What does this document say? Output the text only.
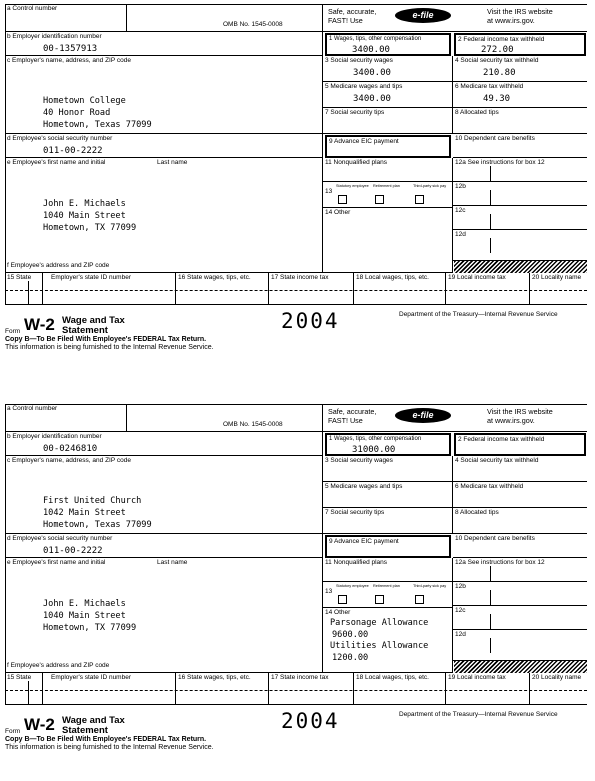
a Control number
OMB No. 1545-0008
Safe, accurate,
FAST! Use
e-file	Visit the IRS website
at www.irs.gov.
b Employer identification number
00-1357913
c Employer's name, address, and ZIP code
Hometown College
40 Honor Road
Hometown, Texas 77099
d Employee's social security number
011-00-2222
e Employee's first name and initial	Last name
John E. Michaels
1040 Main Street
Hometown, TX 77099
f Employee's address and ZIP code
1 Wages, tips, other compensation
3400.00
3 Social security wages
3400.00
5 Medicare wages and tips
3400.00
7 Social security tips
9 Advance EIC payment
11 Nonqualified plans
13
Statutory employee Retirement plan	Third-party sick pay
14 Other
2 Federal income tax withheld
272.00
4 Social security tax withheld
210.80
6 Medicare tax withheld
49.30
8 Allocated tips
10 Dependent care benefits
12a See instructions for box 12
12b
12c
12d
15 State	Employer's state ID number	16 State wages, tips, etc.	17 State income tax	18 Local wages, tips, etc.	19 Local income tax	20 Locality name
Form W-2 Wage and Tax
Statement	2004	Department of the Treasury—Internal Revenue Service
Copy B—To Be Filed With Employee's FEDERAL Tax Return.
This information is being furnished to the Internal Revenue Service.
a Control number
OMB No. 1545-0008
Safe, accurate,
FAST! Use
e-file	Visit the IRS website
at www.irs.gov.
b Employer identification number
00-0246810
c Employer's name, address, and ZIP code
First United Church
1042 Main Street
Hometown, Texas 77099
d Employee's social security number
011-00-2222
e Employee's first name and initial	Last name
John E. Michaels
1040 Main Street
Hometown, TX 77099
f Employee's address and ZIP code
1 Wages, tips, other compensation
31000.00
3 Social security wages
5 Medicare wages and tips
7 Social security tips
9 Advance EIC payment
11 Nonqualified plans
13
Statutory employee Retirement plan	Third-party sick pay
14 Other
Parsonage Allowance
9600.00
Utilities Allowance
1200.00
2 Federal income tax withheld
4 Social security tax withheld
6 Medicare tax withheld
8 Allocated tips
10 Dependent care benefits
12a See instructions for box 12
12b
12c
12d
15 State	Employer's state ID number	16 State wages, tips, etc.	17 State income tax	18 Local wages, tips, etc.	19 Local income tax	20 Locality name
Form W-2 Wage and Tax
Statement	2004	Department of the Treasury—Internal Revenue Service
Copy B—To Be Filed With Employee's FEDERAL Tax Return.
This information is being furnished to the Internal Revenue Service.
